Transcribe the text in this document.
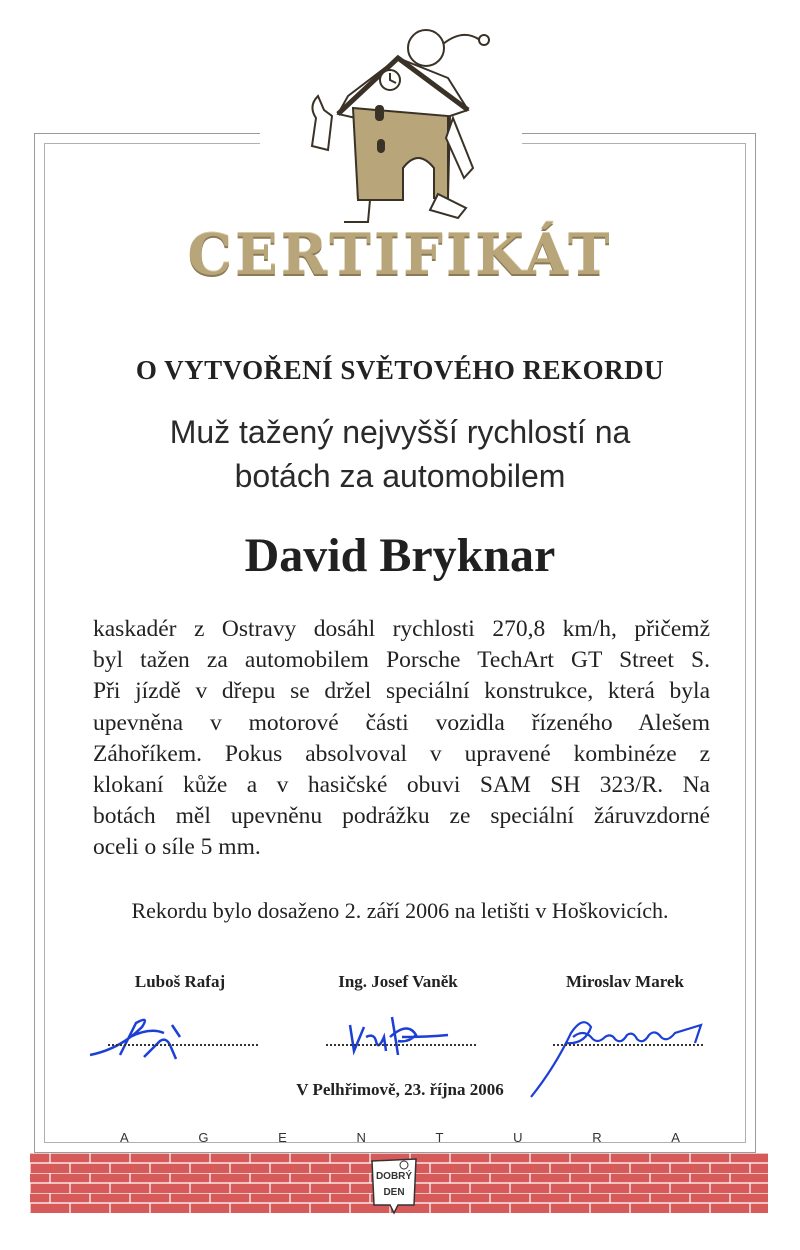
CERTIFIKÁT
O VYTVOŘENÍ SVĚTOVÉHO REKORDU
Muž tažený nejvyšší rychlostí na
botách za automobilem
David Bryknar
kaskadér z Ostravy dosáhl rychlosti 270,8 km/h, přičemž
byl tažen za automobilem Porsche TechArt GT Street S.
Při jízdě v dřepu se držel speciální konstrukce, která byla
upevněna v motorové části vozidla řízeného Alešem
Záhoříkem. Pokus absolvoval v upravené kombinéze z
klokaní kůže a v hasičské obuvi SAM SH 323/R. Na
botách měl upevněnu podrážku ze speciální žáruvzdorné
oceli o síle 5 mm.
Rekordu bylo dosaženo 2. září 2006 na letišti v Hoškovicích.
Luboš Rafaj	Ing. Josef Vaněk	Miroslav Marek
V Pelhřimově, 23. října 2006
A	G	E	N	T	U	R	A
DOBRÝ
DEN
